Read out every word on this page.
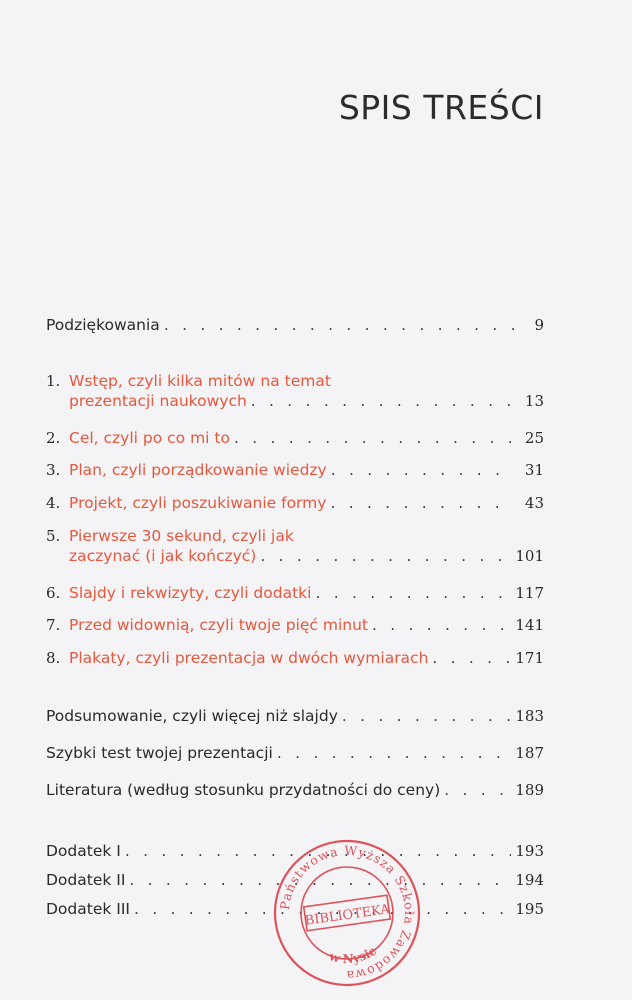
SPIS TREŚCI
Podziękowania . . .	9
1. Wstęp, czyli kilka mitów na temat
prezentacji naukowych . . .	13
2. Cel, czyli po co mi to . . .	25
3. Plan, czyli porządkowanie wiedzy . . .	31
4. Projekt, czyli poszukiwanie formy . . .	43
5. Pierwsze 30 sekund, czyli jak
zaczynać (i jak kończyć) . . .	101
6. Slajdy i rekwizyty, czyli dodatki . . .	117
7. Przed widownią, czyli twoje pięć minut . . .	141
8. Plakaty, czyli prezentacja w dwóch wymiarach . . .	171
Podsumowanie, czyli więcej niż slajdy . . .	183
Szybki test twojej prezentacji . . .	187
Literatura (według stosunku przydatności do ceny) . . .	189
Dodatek I . . .	193
Dodatek II . . .	194
Dodatek III . . .	195
Państwowa Wyższa Szkoła Zawodowa
BIBLIOTEKA
w Nysie
